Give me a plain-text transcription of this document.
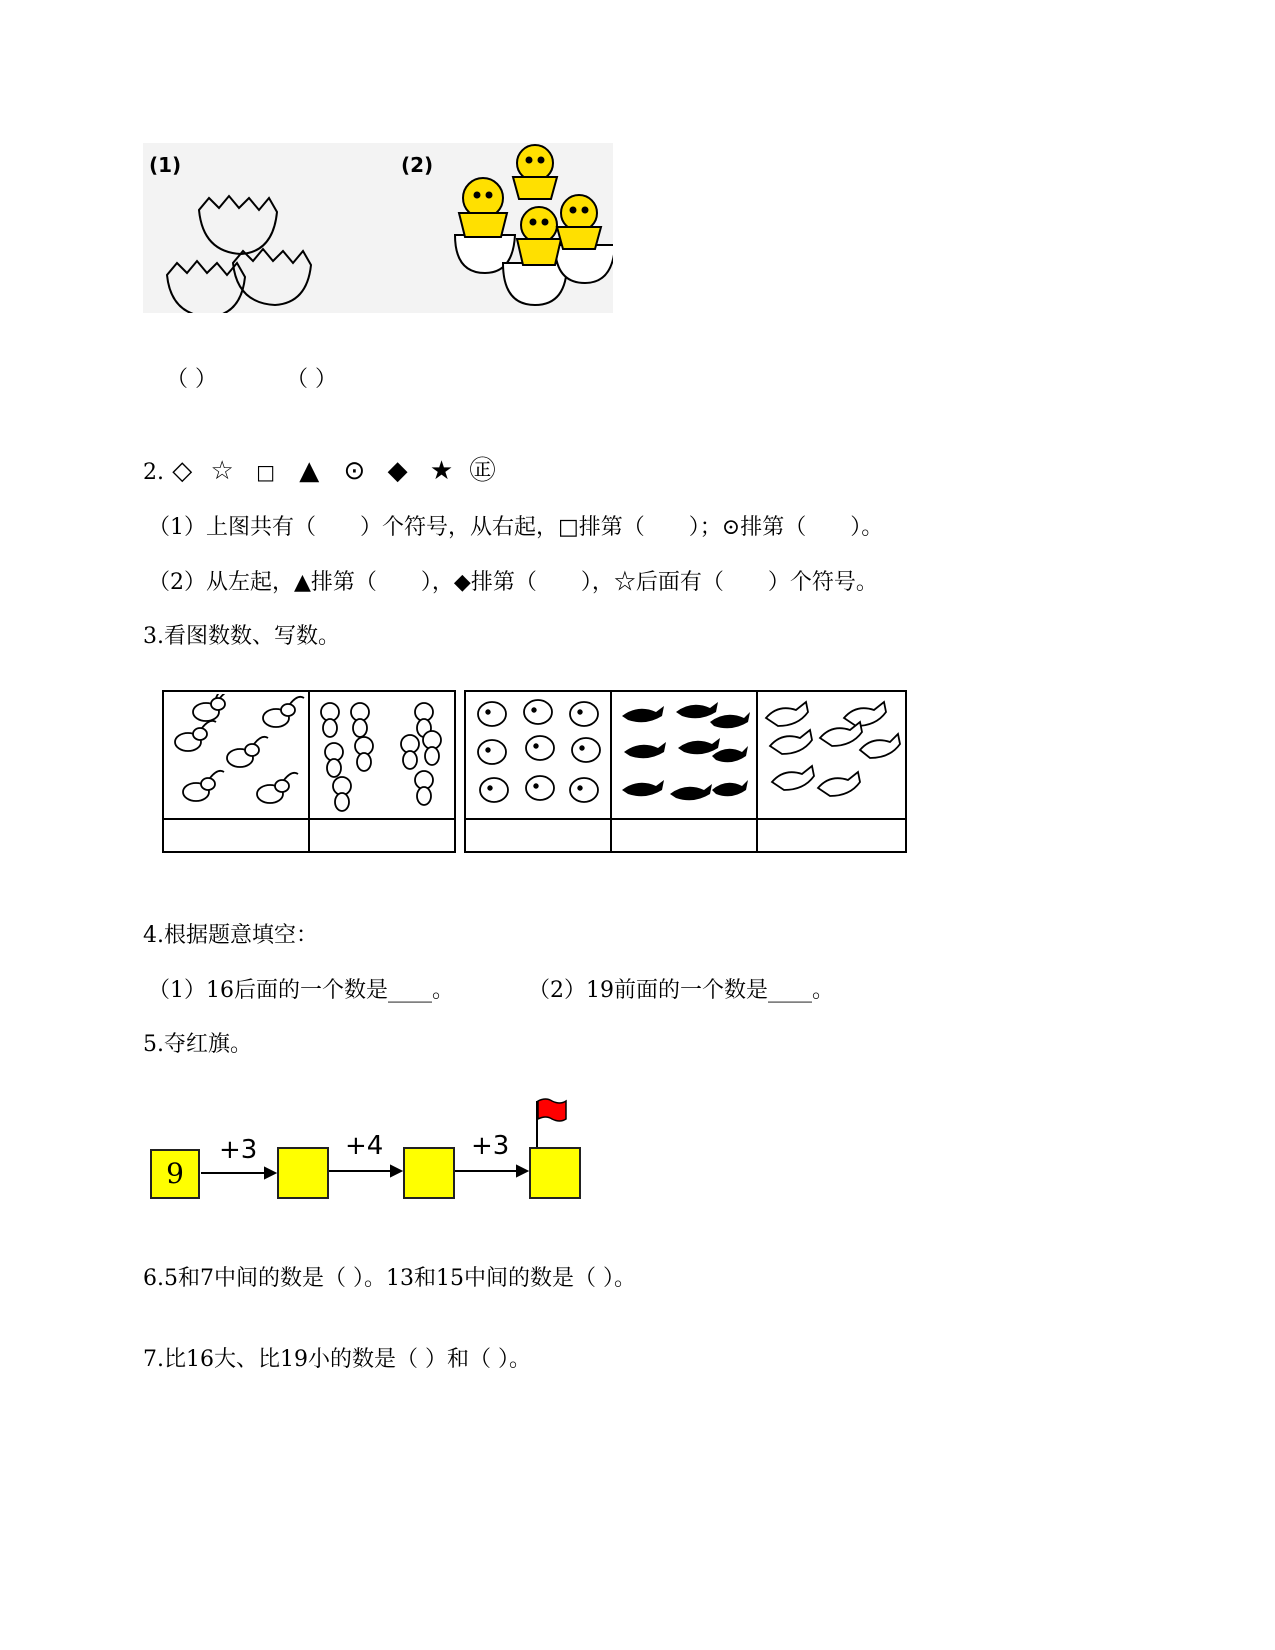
(1)	(2)
（ ）	（ ）
2. ◇ ☆ □ ▲ ⊙ ◆ ★ ㊣
（1）上图共有（　　）个符号，从右起，□排第（　　）；⊙排第（　　）。
（2）从左起，▲排第（　　），◆排第（　　），☆后面有（　　）个符号。
3.看图数数、写数。
4.根据题意填空：
（1）16后面的一个数是____。	（2）19前面的一个数是____。
5.夺红旗。
9
+3	+4	+3
6.5和7中间的数是（ ）。13和15中间的数是（ ）。
7.比16大、比19小的数是（ ）和（ ）。
